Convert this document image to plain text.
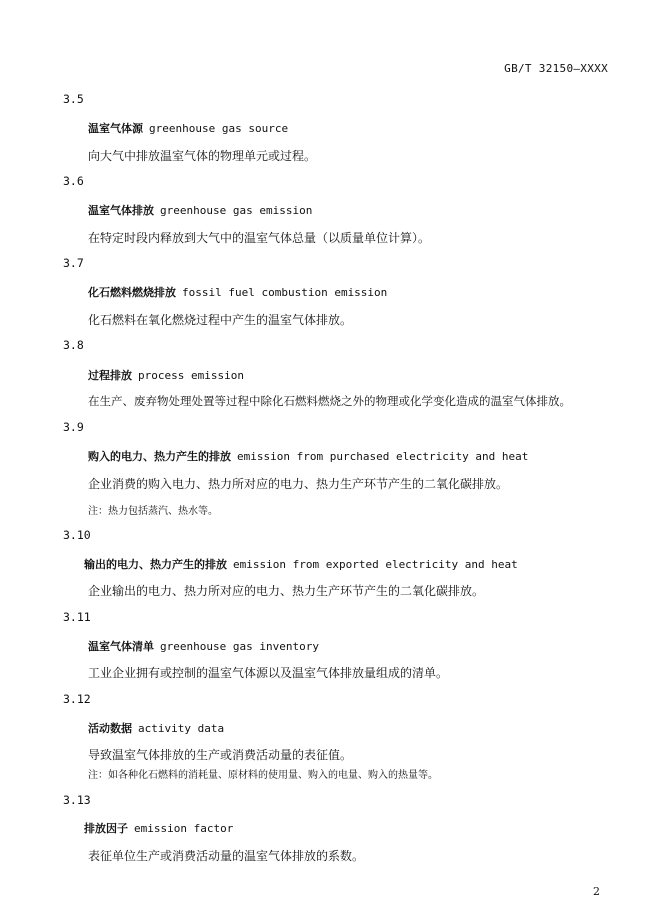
GB/T 32150—XXXX
3.5
温室气体源 greenhouse gas source
向大气中排放温室气体的物理单元或过程。
3.6
温室气体排放 greenhouse gas emission
在特定时段内释放到大气中的温室气体总量（以质量单位计算）。
3.7
化石燃料燃烧排放 fossil fuel combustion emission
化石燃料在氧化燃烧过程中产生的温室气体排放。
3.8
过程排放 process emission
在生产、废弃物处理处置等过程中除化石燃料燃烧之外的物理或化学变化造成的温室气体排放。
3.9
购入的电力、热力产生的排放 emission from purchased electricity and heat
企业消费的购入电力、热力所对应的电力、热力生产环节产生的二氧化碳排放。
注：热力包括蒸汽、热水等。
3.10
输出的电力、热力产生的排放 emission from exported electricity and heat
企业输出的电力、热力所对应的电力、热力生产环节产生的二氧化碳排放。
3.11
温室气体清单 greenhouse gas inventory
工业企业拥有或控制的温室气体源以及温室气体排放量组成的清单。
3.12
活动数据 activity data
导致温室气体排放的生产或消费活动量的表征值。
注：如各种化石燃料的消耗量、原材料的使用量、购入的电量、购入的热量等。
3.13
排放因子 emission factor
表征单位生产或消费活动量的温室气体排放的系数。
2
